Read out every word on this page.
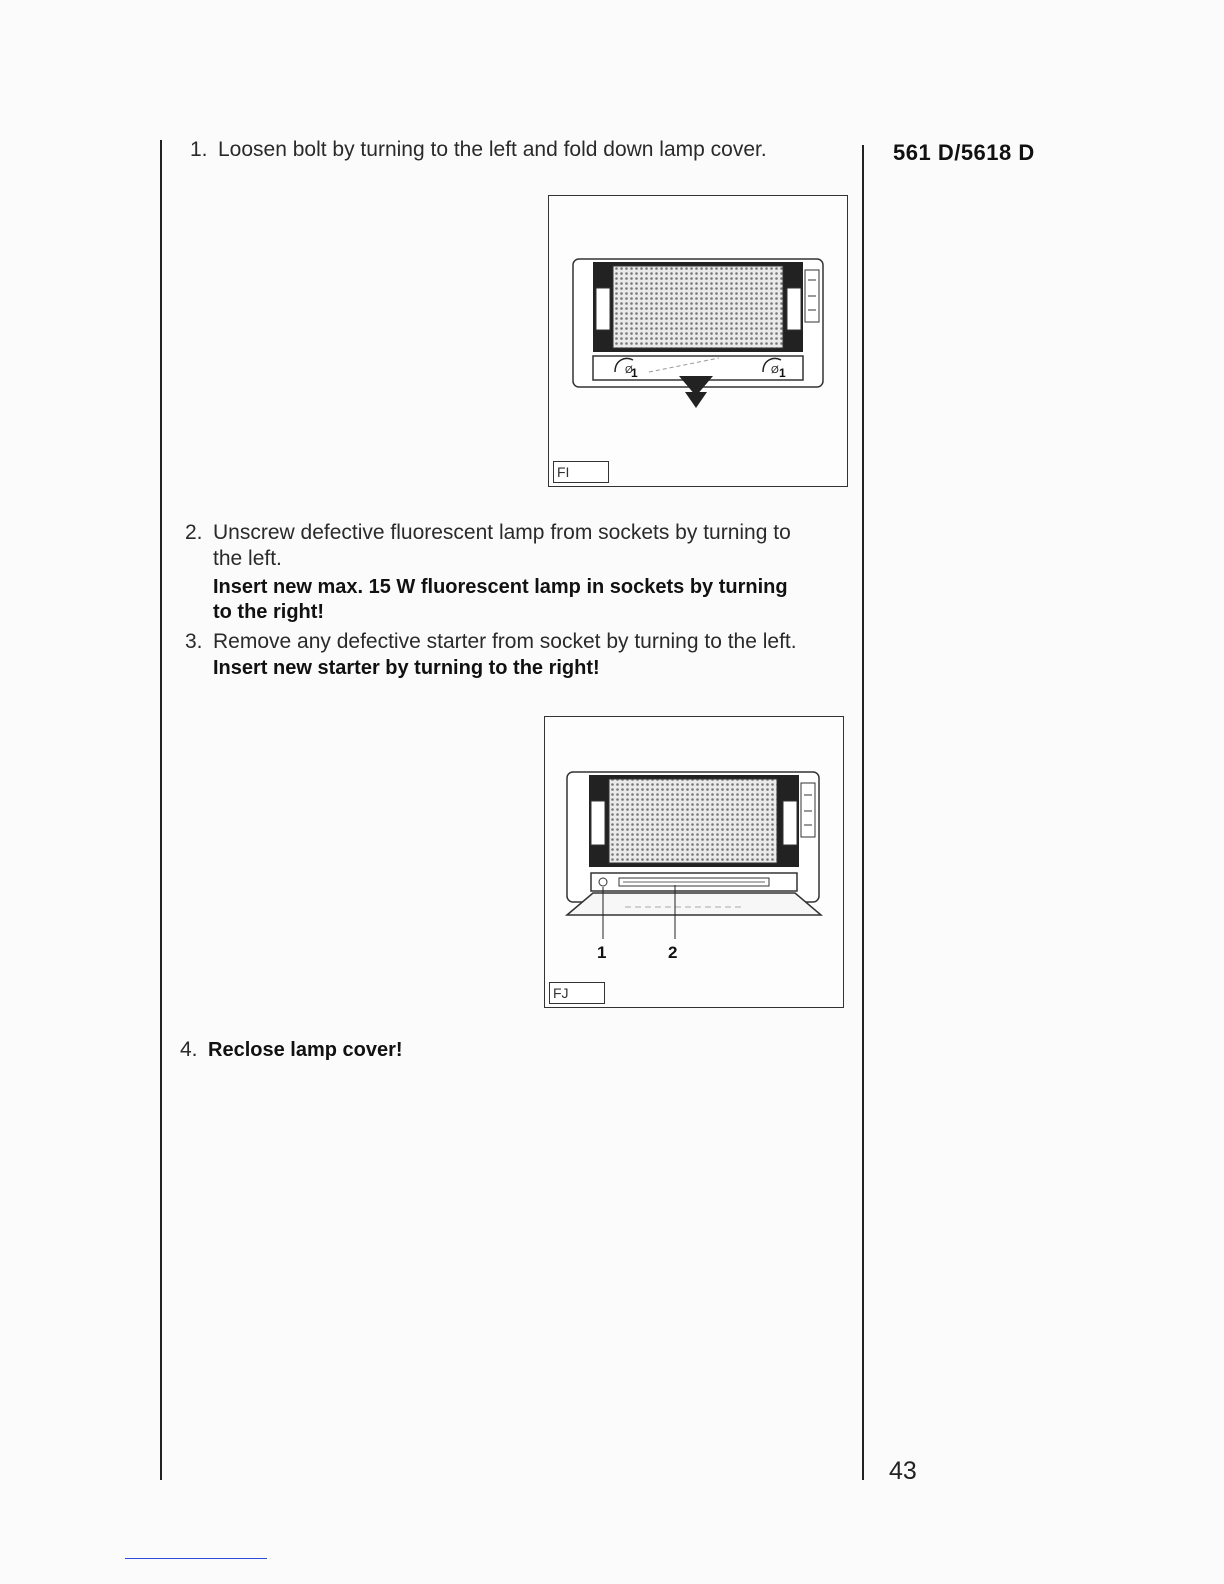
561 D/5618 D
1. Loosen bolt by turning to the left and fold down lamp cover.
Ø	Ø
1	1
FI
2. Unscrew defective fluorescent lamp from sockets by turning to
the left.
Insert new max. 15 W fluorescent lamp in sockets by turning
to the right!
3. Remove any defective starter from socket by turning to the left.
Insert new starter by turning to the right!
1	2
FJ
4. Reclose lamp cover!
43
